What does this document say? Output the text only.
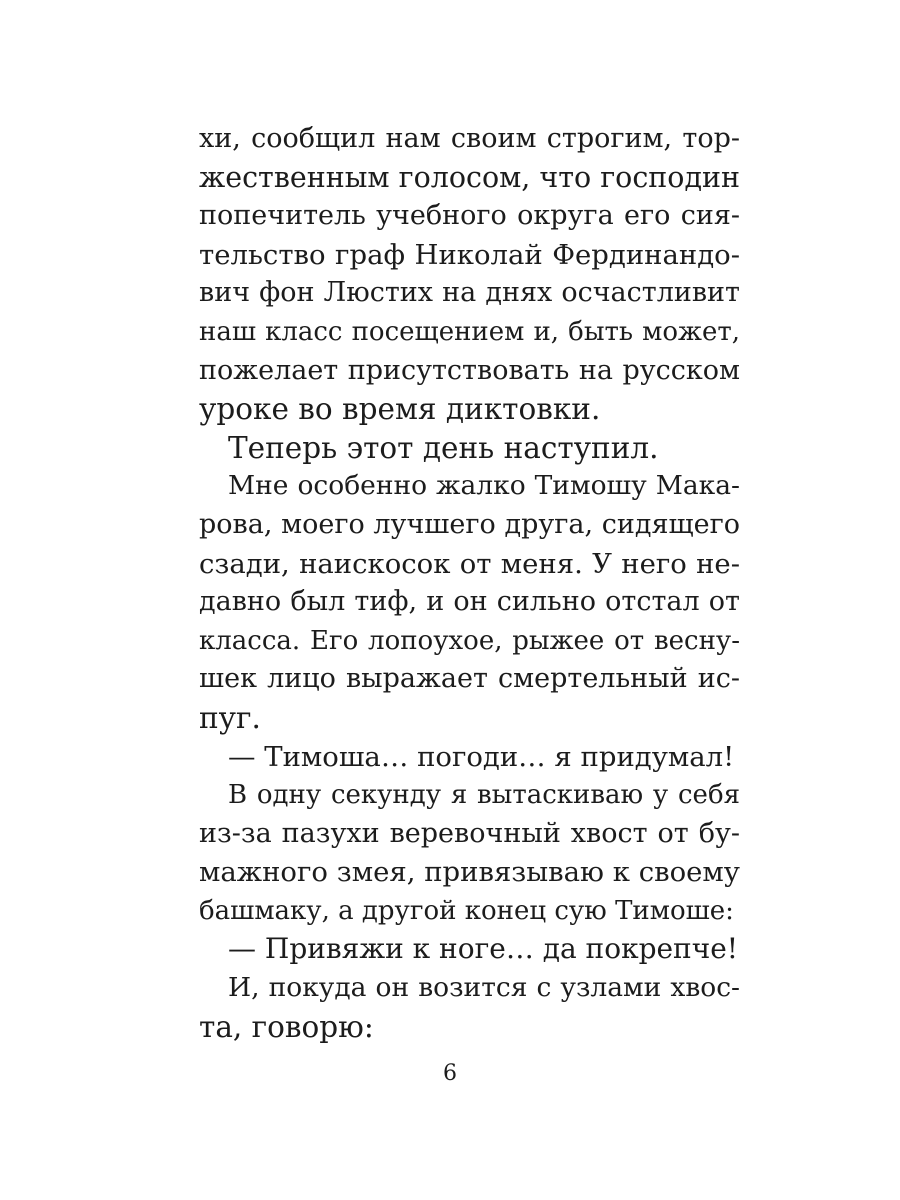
хи, сообщил нам своим строгим, тор-
жественным голосом, что господин
попечитель учебного округа его сия-
тельство граф Николай Фердинандо-
вич фон Люстих на днях осчастливит
наш класс посещением и, быть может,
пожелает присутствовать на русском
уроке во время диктовки.
Теперь этот день наступил.
Мне особенно жалко Тимошу Мака-
рова, моего лучшего друга, сидящего
сзади, наискосок от меня. У него не-
давно был тиф, и он сильно отстал от
класса. Его лопоухое, рыжее от весну-
шек лицо выражает смертельный ис-
пуг.
— Тимоша… погоди… я придумал!
В одну секунду я вытаскиваю у себя
из-за пазухи веревочный хвост от бу-
мажного змея, привязываю к своему
башмаку, а другой конец сую Тимоше:
— Привяжи к ноге… да покрепче!
И, покуда он возится с узлами хвос-
та, говорю:
6
